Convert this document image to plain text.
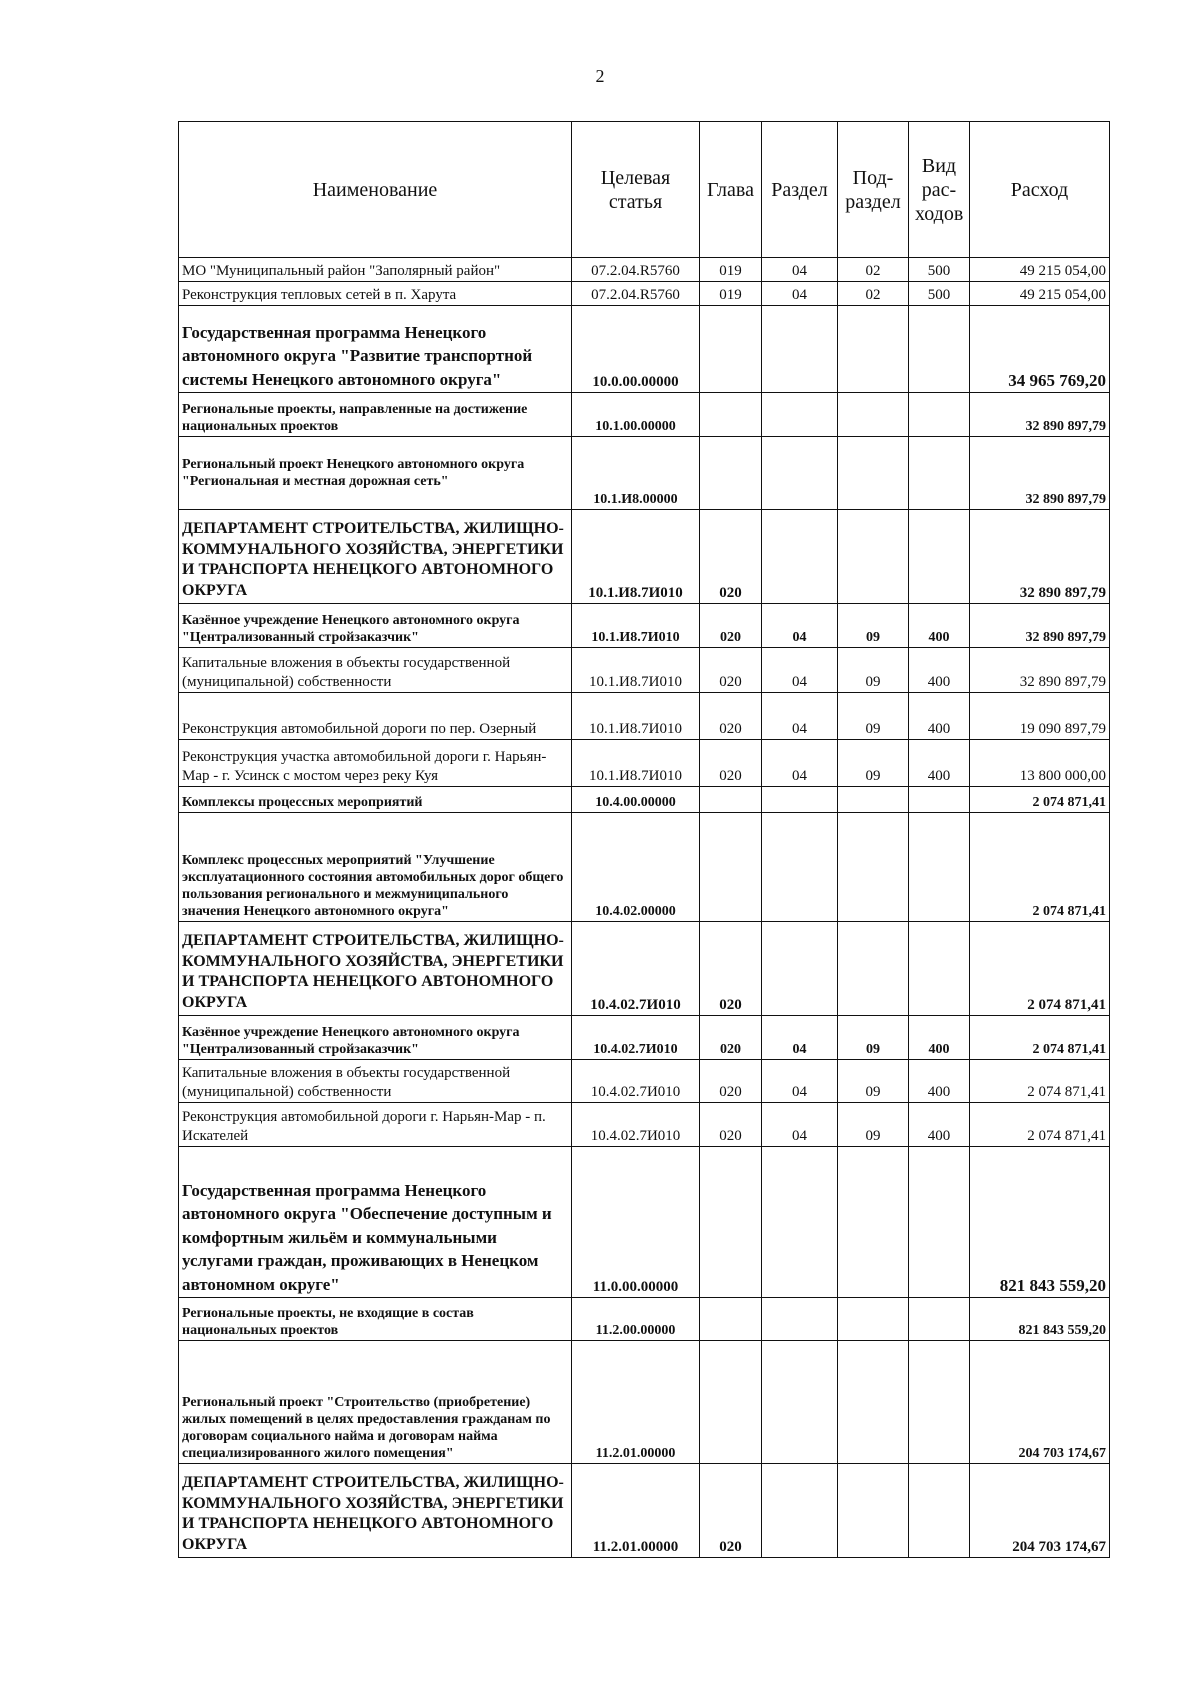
2
Наименование	Целевая статья	Глава	Раздел	Под-раздел	Вид рас-ходов	Расход
МО "Муниципальный район "Заполярный район"	07.2.04.R5760	019	04	02	500	49 215 054,00
Реконструкция тепловых сетей в п. Харута	07.2.04.R5760	019	04	02	500	49 215 054,00
Государственная программа Ненецкого автономного округа "Развитие транспортной системы Ненецкого автономного округа"	10.0.00.00000					34 965 769,20
Региональные проекты, направленные на достижение национальных проектов	10.1.00.00000					32 890 897,79
Региональный проект Ненецкого автономного округа "Региональная и местная дорожная сеть"	10.1.И8.00000					32 890 897,79
ДЕПАРТАМЕНТ СТРОИТЕЛЬСТВА, ЖИЛИЩНО-КОММУНАЛЬНОГО ХОЗЯЙСТВА, ЭНЕРГЕТИКИ И ТРАНСПОРТА НЕНЕЦКОГО АВТОНОМНОГО ОКРУГА	10.1.И8.7И010	020				32 890 897,79
Казённое учреждение Ненецкого автономного округа "Централизованный стройзаказчик"	10.1.И8.7И010	020	04	09	400	32 890 897,79
Капитальные вложения в объекты государственной (муниципальной) собственности	10.1.И8.7И010	020	04	09	400	32 890 897,79
Реконструкция автомобильной дороги по пер. Озерный	10.1.И8.7И010	020	04	09	400	19 090 897,79
Реконструкция участка автомобильной дороги г. Нарьян-Мар - г. Усинск с мостом через реку Куя	10.1.И8.7И010	020	04	09	400	13 800 000,00
Комплексы процессных мероприятий	10.4.00.00000					2 074 871,41
Комплекс процессных мероприятий "Улучшение эксплуатационного состояния автомобильных дорог общего пользования регионального и межмуниципального значения Ненецкого автономного округа"	10.4.02.00000					2 074 871,41
ДЕПАРТАМЕНТ СТРОИТЕЛЬСТВА, ЖИЛИЩНО-КОММУНАЛЬНОГО ХОЗЯЙСТВА, ЭНЕРГЕТИКИ И ТРАНСПОРТА НЕНЕЦКОГО АВТОНОМНОГО ОКРУГА	10.4.02.7И010	020				2 074 871,41
Казённое учреждение Ненецкого автономного округа "Централизованный стройзаказчик"	10.4.02.7И010	020	04	09	400	2 074 871,41
Капитальные вложения в объекты государственной (муниципальной) собственности	10.4.02.7И010	020	04	09	400	2 074 871,41
Реконструкция автомобильной дороги г. Нарьян-Мар - п. Искателей	10.4.02.7И010	020	04	09	400	2 074 871,41
Государственная программа Ненецкого автономного округа "Обеспечение доступным и комфортным жильём и коммунальными услугами граждан, проживающих в Ненецком автономном округе"	11.0.00.00000					821 843 559,20
Региональные проекты, не входящие в состав национальных проектов	11.2.00.00000					821 843 559,20
Региональный проект "Строительство (приобретение) жилых помещений в целях предоставления гражданам по договорам социального найма и договорам найма специализированного жилого помещения"	11.2.01.00000					204 703 174,67
ДЕПАРТАМЕНТ СТРОИТЕЛЬСТВА, ЖИЛИЩНО-КОММУНАЛЬНОГО ХОЗЯЙСТВА, ЭНЕРГЕТИКИ И ТРАНСПОРТА НЕНЕЦКОГО АВТОНОМНОГО ОКРУГА	11.2.01.00000	020				204 703 174,67
